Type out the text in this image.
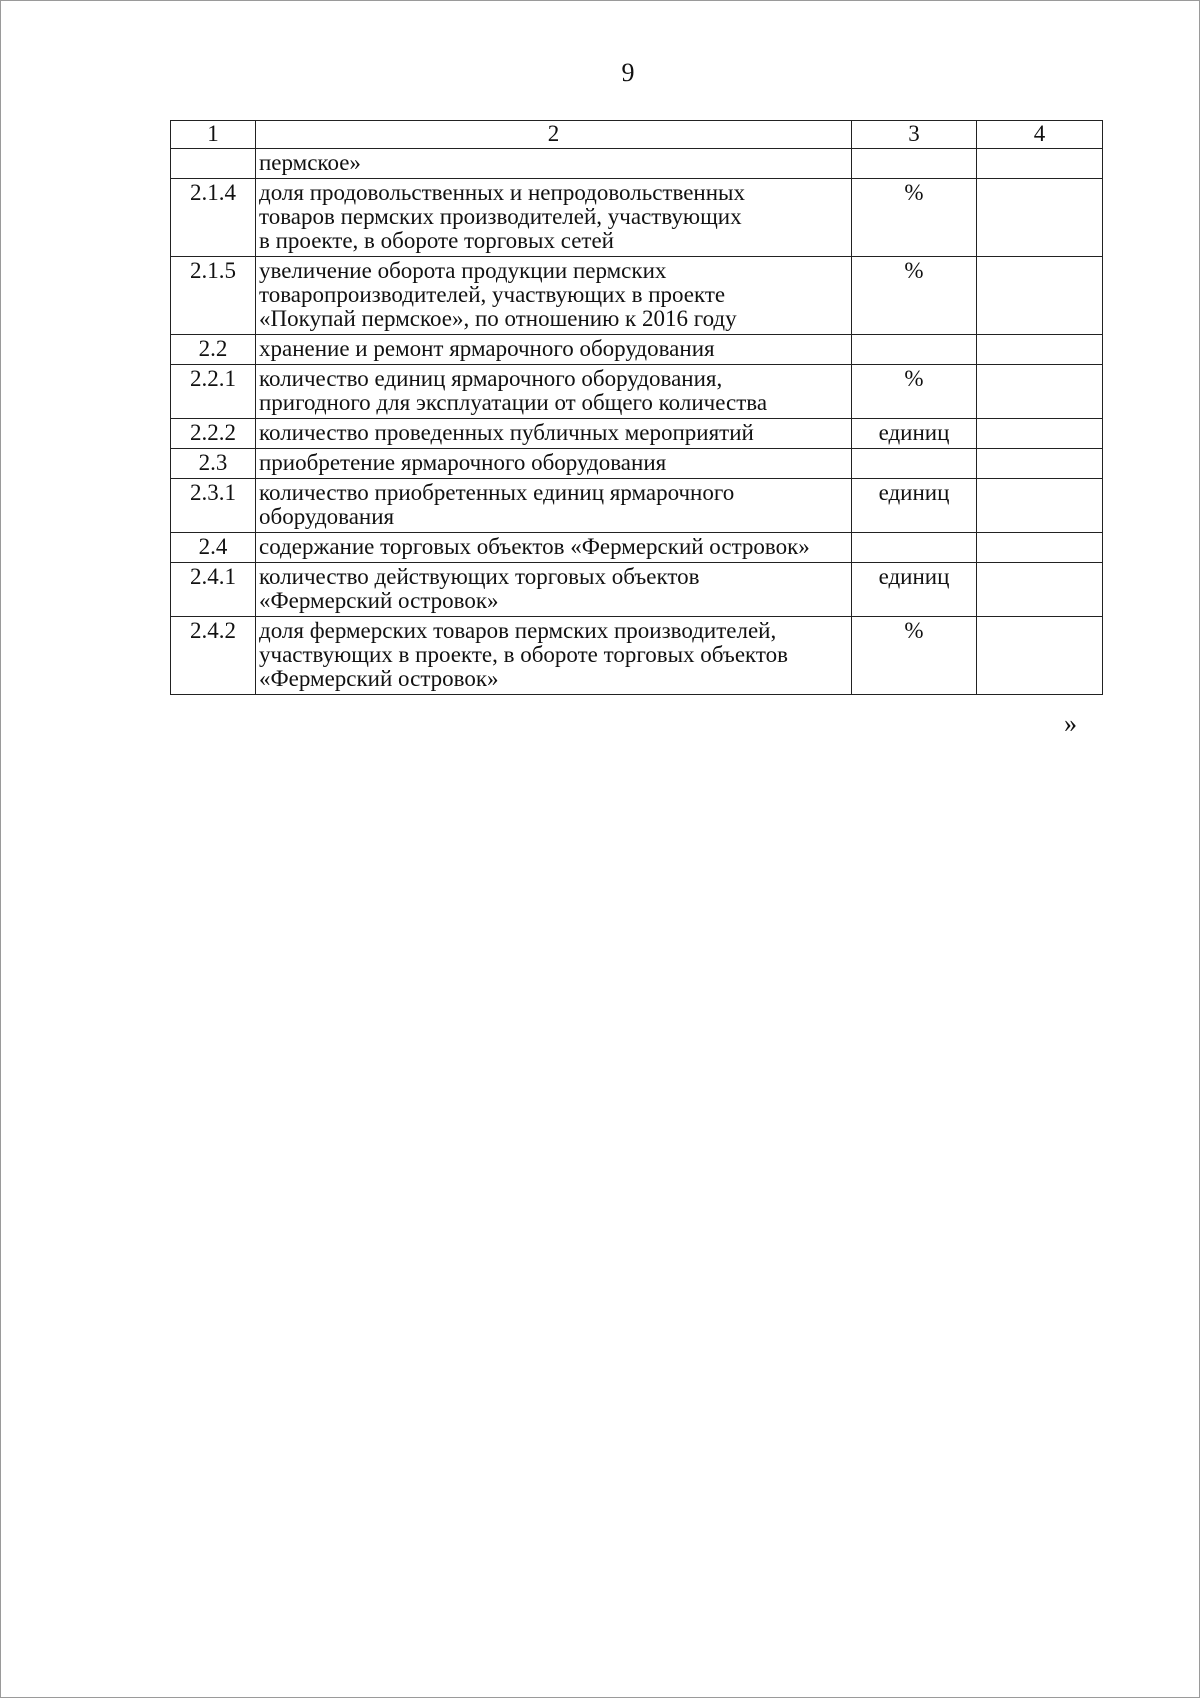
9
1	2	3	4
	пермское»		
2.1.4	доля продовольственных и непродовольственных
товаров пермских производителей, участвующих
в проекте, в обороте торговых сетей	%	
2.1.5	увеличение оборота продукции пермских
товаропроизводителей, участвующих в проекте
«Покупай пермское», по отношению к 2016 году	%	
2.2	хранение и ремонт ярмарочного оборудования		
2.2.1	количество единиц ярмарочного оборудования,
пригодного для эксплуатации от общего количества	%	
2.2.2	количество проведенных публичных мероприятий	единиц	
2.3	приобретение ярмарочного оборудования		
2.3.1	количество приобретенных единиц ярмарочного
оборудования	единиц	
2.4	содержание торговых объектов «Фермерский островок»		
2.4.1	количество действующих торговых объектов
«Фермерский островок»	единиц	
2.4.2	доля фермерских товаров пермских производителей,
участвующих в проекте, в обороте торговых объектов
«Фермерский островок»	%	
»
